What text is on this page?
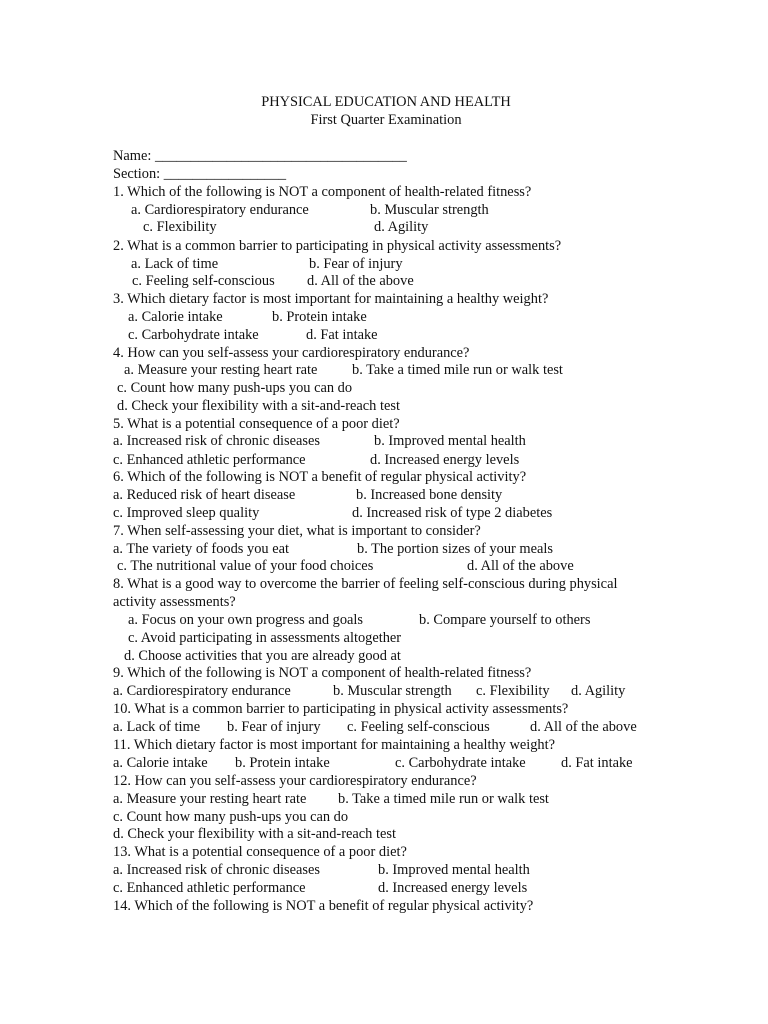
PHYSICAL EDUCATION AND HEALTH
First Quarter Examination
Name: ___________________________________
Section: _________________
1. Which of the following is NOT a component of health-related fitness?
a. Cardiorespiratory endurance	b. Muscular strength
c. Flexibility	d. Agility
2. What is a common barrier to participating in physical activity assessments?
a. Lack of time	b. Fear of injury
c. Feeling self-conscious d. All of the above
3. Which dietary factor is most important for maintaining a healthy weight?
a. Calorie intake	b. Protein intake
c. Carbohydrate intake	d. Fat intake
4. How can you self-assess your cardiorespiratory endurance?
a. Measure your resting heart rate b. Take a timed mile run or walk test
c. Count how many push-ups you can do
d. Check your flexibility with a sit-and-reach test
5. What is a potential consequence of a poor diet?
a. Increased risk of chronic diseases	b. Improved mental health
c. Enhanced athletic performance	d. Increased energy levels
6. Which of the following is NOT a benefit of regular physical activity?
a. Reduced risk of heart disease	b. Increased bone density
c. Improved sleep quality	d. Increased risk of type 2 diabetes
7. When self-assessing your diet, what is important to consider?
a. The variety of foods you eat	b. The portion sizes of your meals
c. The nutritional value of your food choices	d. All of the above
8. What is a good way to overcome the barrier of feeling self-conscious during physical
activity assessments?
a. Focus on your own progress and goals	b. Compare yourself to others
c. Avoid participating in assessments altogether
d. Choose activities that you are already good at
9. Which of the following is NOT a component of health-related fitness?
a. Cardiorespiratory endurance	b. Muscular strength c. Flexibility d. Agility
10. What is a common barrier to participating in physical activity assessments?
a. Lack of time b. Fear of injury c. Feeling self-conscious	d. All of the above
11. Which dietary factor is most important for maintaining a healthy weight?
a. Calorie intake b. Protein intake	c. Carbohydrate intake d. Fat intake
12. How can you self-assess your cardiorespiratory endurance?
a. Measure your resting heart rate b. Take a timed mile run or walk test
c. Count how many push-ups you can do
d. Check your flexibility with a sit-and-reach test
13. What is a potential consequence of a poor diet?
a. Increased risk of chronic diseases	b. Improved mental health
c. Enhanced athletic performance	d. Increased energy levels
14. Which of the following is NOT a benefit of regular physical activity?
